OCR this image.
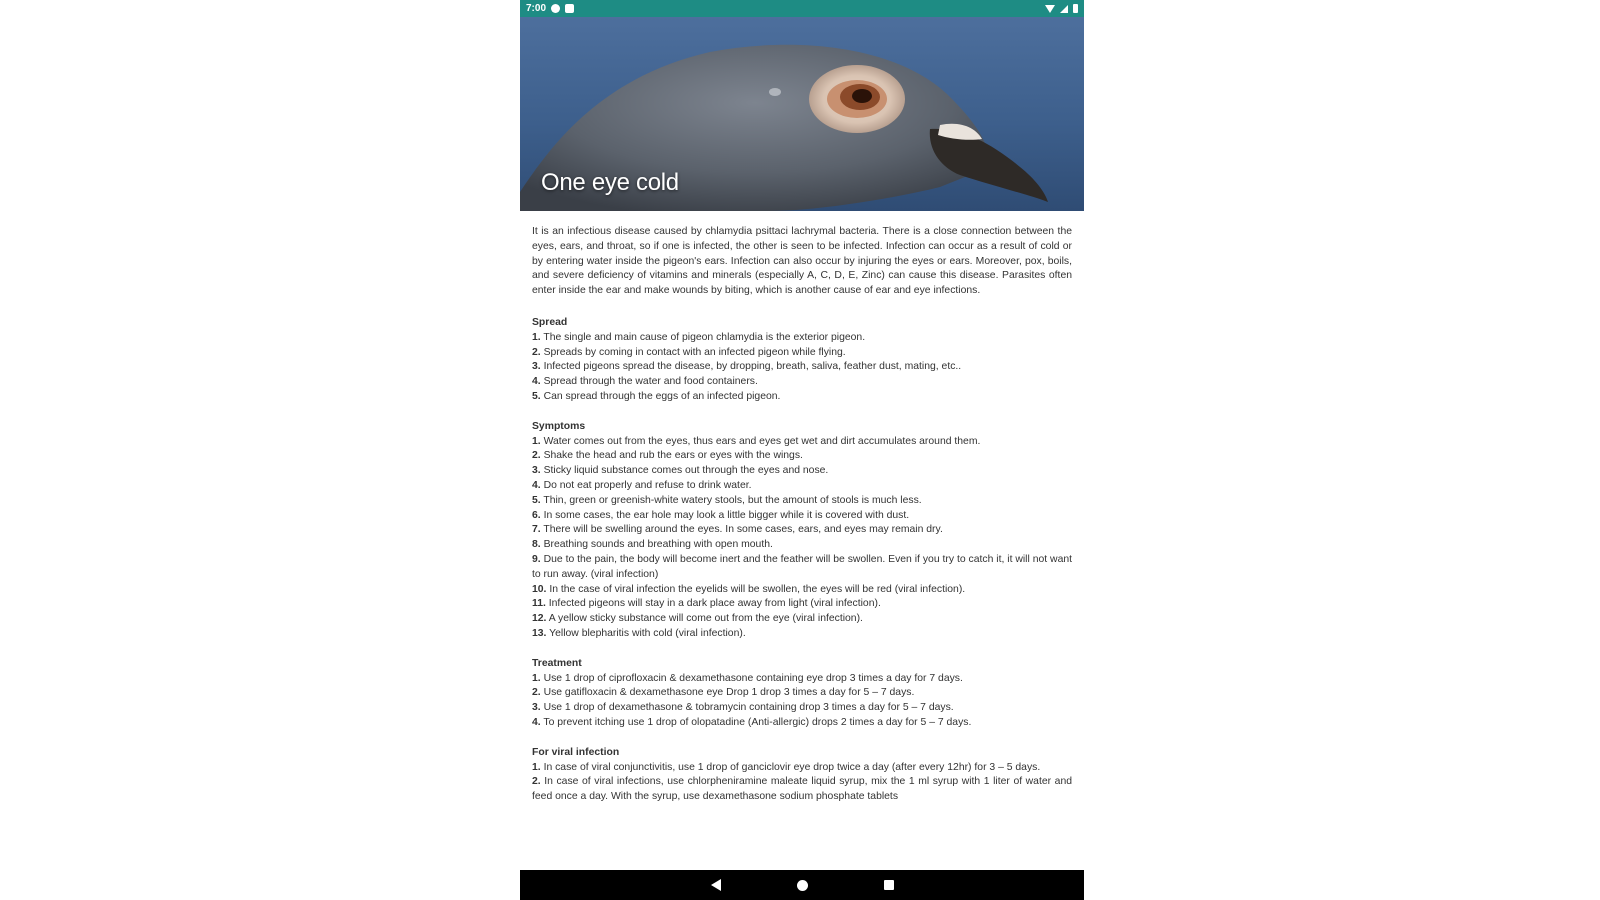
7:00
One eye cold

It is an infectious disease caused by chlamydia psittaci lachrymal bacteria. There is a close connection between the eyes, ears, and throat, so if one is infected, the other is seen to be infected. Infection can occur as a result of cold or by entering water inside the pigeon's ears. Infection can also occur by injuring the eyes or ears. Moreover, pox, boils, and severe deficiency of vitamins and minerals (especially A, C, D, E, Zinc) can cause this disease. Parasites often enter inside the ear and make wounds by biting, which is another cause of ear and eye infections.

Spread

1. The single and main cause of pigeon chlamydia is the exterior pigeon.
2. Spreads by coming in contact with an infected pigeon while flying.
3. Infected pigeons spread the disease, by dropping, breath, saliva, feather dust, mating, etc..
4. Spread through the water and food containers.
5. Can spread through the eggs of an infected pigeon.

Symptoms

1. Water comes out from the eyes, thus ears and eyes get wet and dirt accumulates around them.
2. Shake the head and rub the ears or eyes with the wings.
3. Sticky liquid substance comes out through the eyes and nose.
4. Do not eat properly and refuse to drink water.
5. Thin, green or greenish-white watery stools, but the amount of stools is much less.
6. In some cases, the ear hole may look a little bigger while it is covered with dust.
7. There will be swelling around the eyes. In some cases, ears, and eyes may remain dry.
8. Breathing sounds and breathing with open mouth.
9. Due to the pain, the body will become inert and the feather will be swollen. Even if you try to catch it, it will not want to run away. (viral infection)
10. In the case of viral infection the eyelids will be swollen, the eyes will be red (viral infection).
11. Infected pigeons will stay in a dark place away from light (viral infection).
12. A yellow sticky substance will come out from the eye (viral infection).
13. Yellow blepharitis with cold (viral infection).

Treatment

1. Use 1 drop of ciprofloxacin & dexamethasone containing eye drop 3 times a day for 7 days.
2. Use gatifloxacin & dexamethasone eye Drop 1 drop 3 times a day for 5 – 7 days.
3. Use 1 drop of dexamethasone & tobramycin containing drop 3 times a day for 5 – 7 days.
4. To prevent itching use 1 drop of olopatadine (Anti-allergic) drops 2 times a day for 5 – 7 days.

For viral infection

1. In case of viral conjunctivitis, use 1 drop of ganciclovir eye drop twice a day (after every 12hr) for 3 – 5 days.
2. In case of viral infections, use chlorpheniramine maleate liquid syrup, mix the 1 ml syrup with 1 liter of water and feed once a day. With the syrup, use dexamethasone sodium phosphate tablets
